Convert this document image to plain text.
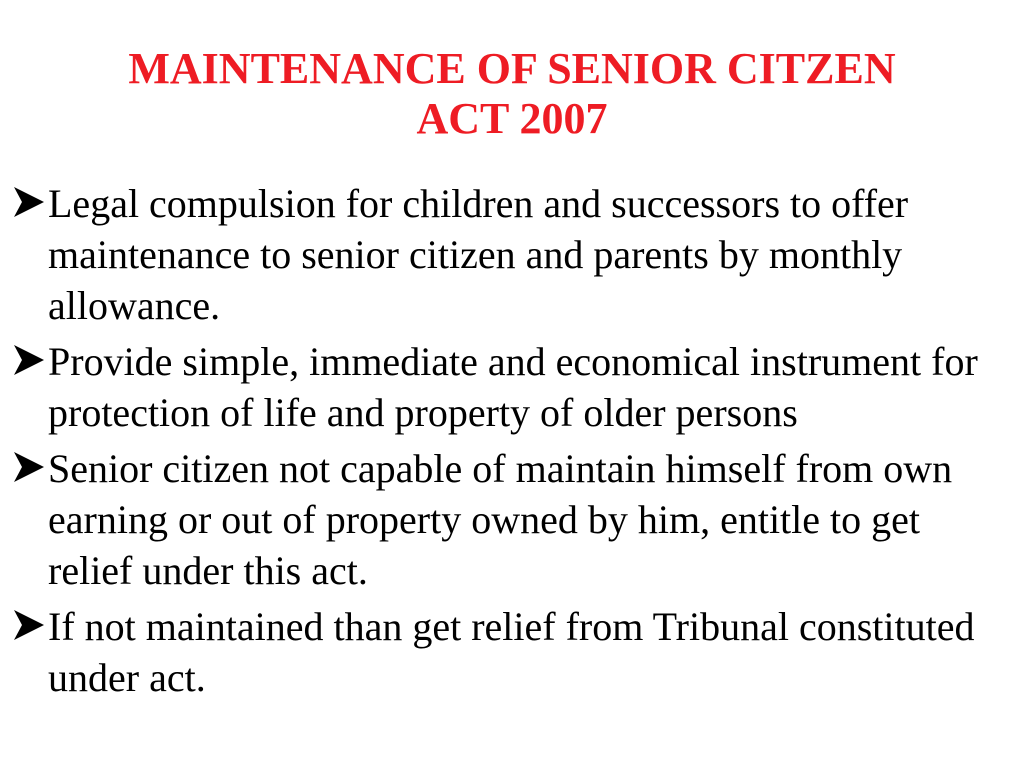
MAINTENANCE OF SENIOR CITZEN
ACT 2007
Legal compulsion for children and successors to offer maintenance to senior citizen and parents by monthly allowance.
Provide simple, immediate and economical instrument for protection of life and property of older persons
Senior citizen not capable of maintain himself from own earning or out of property owned by him, entitle to get relief under this act.
If not maintained than get relief from Tribunal constituted under act.
